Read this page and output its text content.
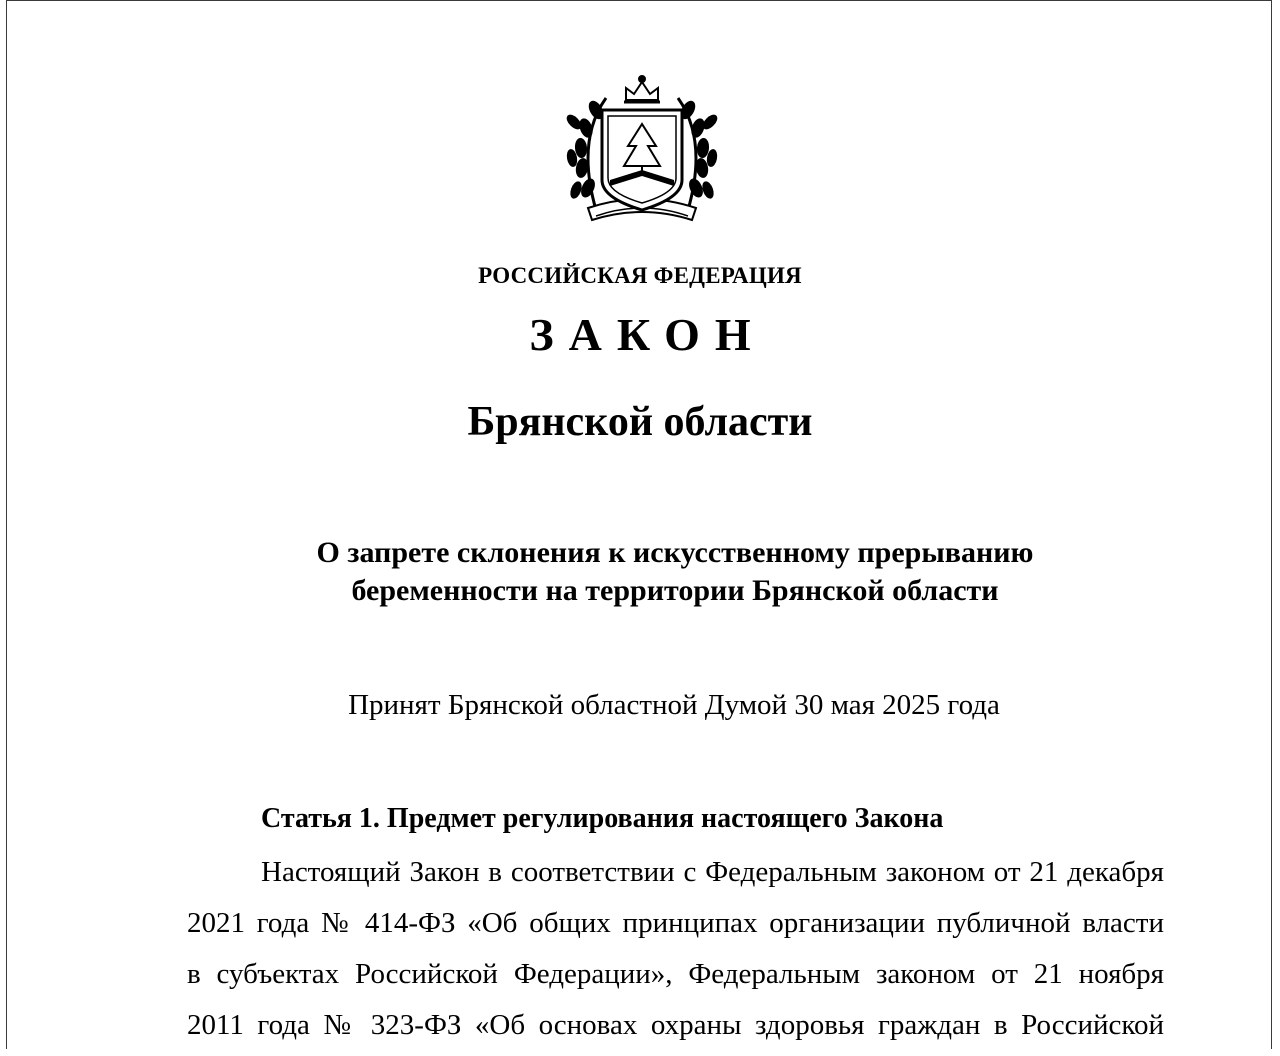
РОССИЙСКАЯ ФЕДЕРАЦИЯ
ЗАКОН
Брянской области
О запрете склонения к искусственному прерыванию
беременности на территории Брянской области
Принят Брянской областной Думой 30 мая 2025 года
Статья 1. Предмет регулирования настоящего Закона
Настоящий Закон в соответствии с Федеральным законом от 21 декабря
2021 года № 414-ФЗ «Об общих принципах организации публичной власти
в субъектах Российской Федерации», Федеральным законом от 21 ноября
2011 года № 323-ФЗ «Об основах охраны здоровья граждан в Российской
